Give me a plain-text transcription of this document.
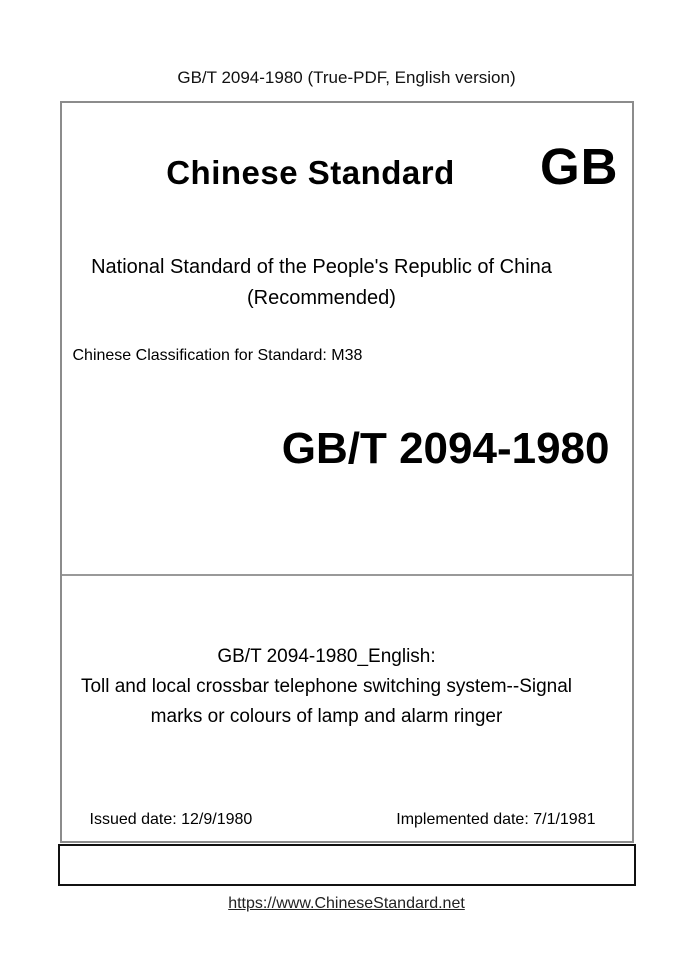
GB/T 2094-1980 (True-PDF, English version)
Chinese Standard	GB
National Standard of the People's Republic of China
(Recommended)
Chinese Classification for Standard: M38
GB/T 2094-1980
GB/T 2094-1980_English:
Toll and local crossbar telephone switching system--Signal
marks or colours of lamp and alarm ringer
Issued date: 12/9/1980	Implemented date: 7/1/1981
https://www.ChineseStandard.net
